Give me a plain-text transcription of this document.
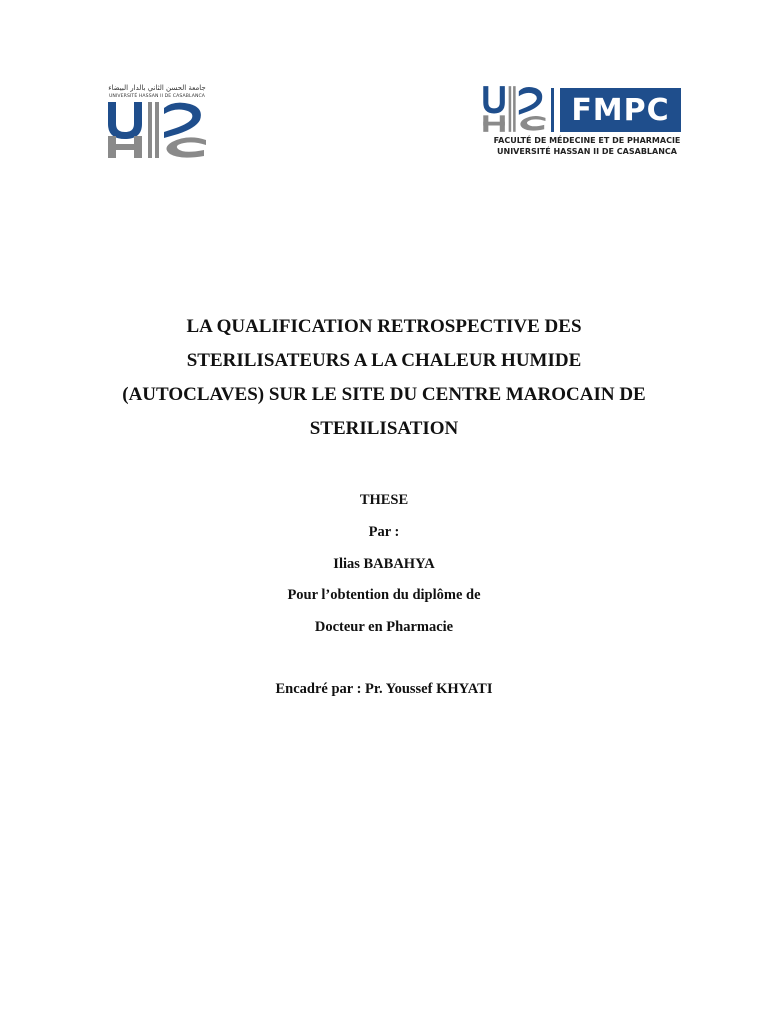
جامعة الحسن الثاني بالدار البيضاء
UNIVERSITÉ HASSAN II DE CASABLANCA	FMPC
FACULTÉ DE MÉDECINE ET DE PHARMACIE
UNIVERSITÉ HASSAN II DE CASABLANCA
LA QUALIFICATION RETROSPECTIVE DES
STERILISATEURS A LA CHALEUR HUMIDE
(AUTOCLAVES) SUR LE SITE DU CENTRE MAROCAIN DE
STERILISATION
THESE
Par :
Ilias BABAHYA
Pour l’obtention du diplôme de
Docteur en Pharmacie
Encadré par : Pr. Youssef KHYATI
